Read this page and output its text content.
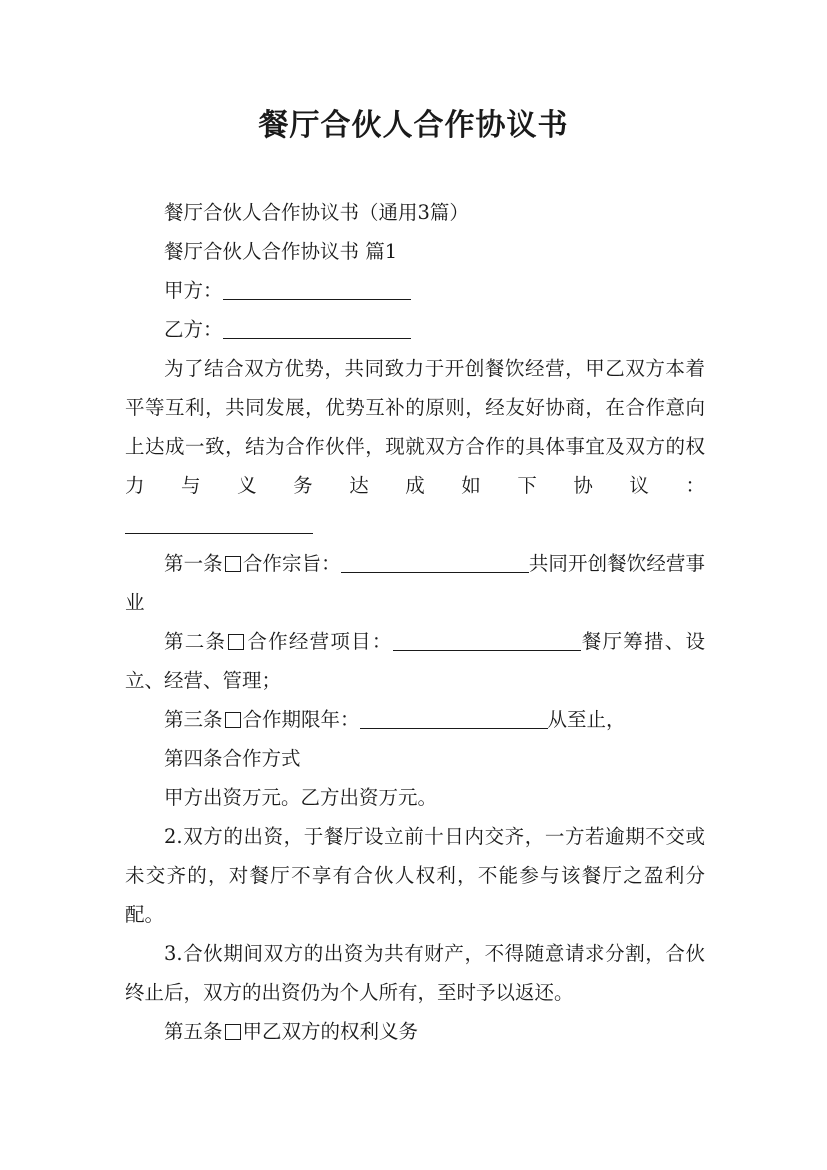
餐厅合伙人合作协议书

餐厅合伙人合作协议书（通用3篇）

餐厅合伙人合作协议书 篇1

甲方：

乙方：

为了结合双方优势，共同致力于开创餐饮经营，甲乙双方本着平等互利，共同发展，优势互补的原则，经友好协商，在合作意向上达成一致，结为合作伙伴，现就双方合作的具体事宜及双方的权力与义务达成如下协议：

第一条 合作宗旨：	共同开创餐饮经营事业

第二条 合作经营项目：	餐厅筹措、设立、经营、管理；

第三条 合作期限年：	从至止，

第四条合作方式

甲方出资万元。乙方出资万元。

2.双方的出资，于餐厅设立前十日内交齐，一方若逾期不交或未交齐的，对餐厅不享有合伙人权利，不能参与该餐厅之盈利分配。

3.合伙期间双方的出资为共有财产，不得随意请求分割，合伙终止后，双方的出资仍为个人所有，至时予以返还。

第五条 甲乙双方的权利义务
